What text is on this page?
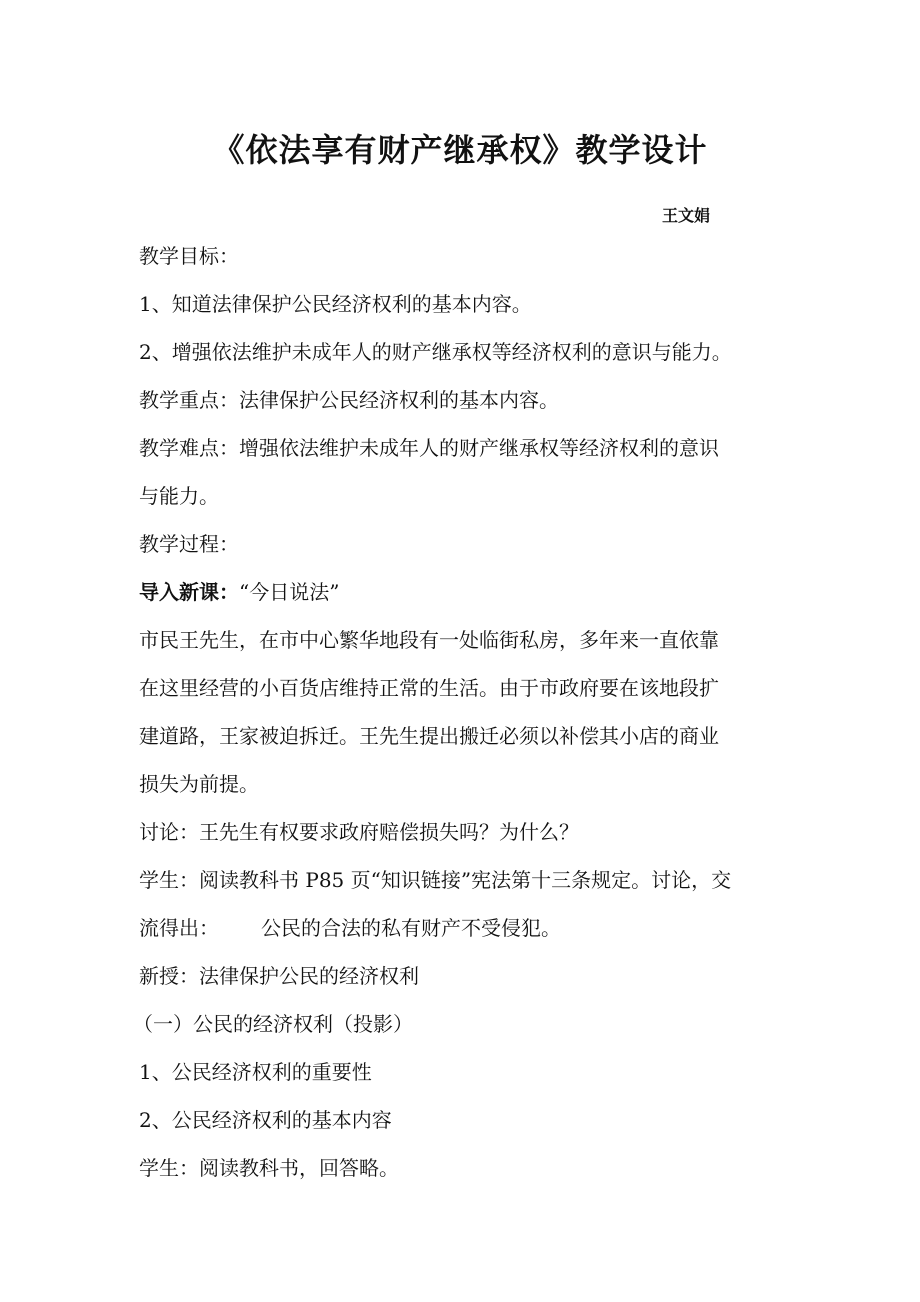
《依法享有财产继承权》教学设计
王文娟

教学目标：

1、知道法律保护公民经济权利的基本内容。

2、增强依法维护未成年人的财产继承权等经济权利的意识与能力。

教学重点：法律保护公民经济权利的基本内容。

教学难点：增强依法维护未成年人的财产继承权等经济权利的意识

与能力。

教学过程：

导入新课：“今日说法”

市民王先生，在市中心繁华地段有一处临街私房，多年来一直依靠

在这里经营的小百货店维持正常的生活。由于市政府要在该地段扩

建道路，王家被迫拆迁。王先生提出搬迁必须以补偿其小店的商业

损失为前提。

讨论：王先生有权要求政府赔偿损失吗？为什么？

学生：阅读教科书 P85 页“知识链接”宪法第十三条规定。讨论，交

流得出： 公民的合法的私有财产不受侵犯。

新授：法律保护公民的经济权利

（一）公民的经济权利（投影）

1、公民经济权利的重要性

2、公民经济权利的基本内容

学生：阅读教科书，回答略。
